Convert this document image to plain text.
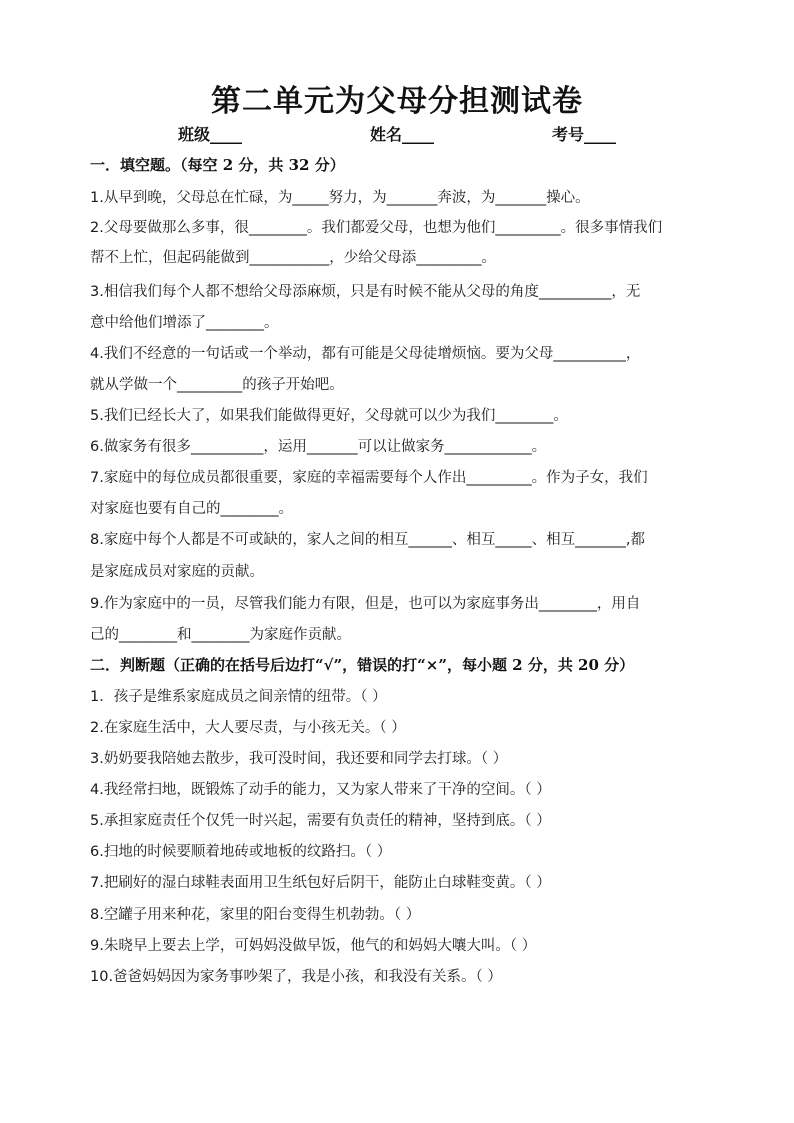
第二单元为父母分担测试卷
班级____	姓名____	考号____
一．填空题。（每空 2 分，共 32 分）
1.从早到晚，父母总在忙碌，为_____努力，为_______奔波，为_______操心。
2.父母要做那么多事，很________。我们都爱父母，也想为他们_________。很多事情我们
帮不上忙，但起码能做到___________，少给父母添_________。
3.相信我们每个人都不想给父母添麻烦，只是有时候不能从父母的角度__________，无
意中给他们增添了________。
4.我们不经意的一句话或一个举动，都有可能是父母徒增烦恼。要为父母__________，
就从学做一个_________的孩子开始吧。
5.我们已经长大了，如果我们能做得更好，父母就可以少为我们________。
6.做家务有很多__________，运用_______可以让做家务____________。
7.家庭中的每位成员都很重要，家庭的幸福需要每个人作出_________。作为子女，我们
对家庭也要有自己的________。
8.家庭中每个人都是不可或缺的，家人之间的相互______、相互_____、相互_______,都
是家庭成员对家庭的贡献。
9.作为家庭中的一员，尽管我们能力有限，但是，也可以为家庭事务出________，用自
己的________和________为家庭作贡献。
二．判断题（正确的在括号后边打“√”，错误的打“×”，每小题 2 分，共 20 分）
1．孩子是维系家庭成员之间亲情的纽带。（ ）
2.在家庭生活中，大人要尽责，与小孩无关。（ ）
3.奶奶要我陪她去散步，我可没时间，我还要和同学去打球。（ ）
4.我经常扫地，既锻炼了动手的能力，又为家人带来了干净的空间。（ ）
5.承担家庭责任个仅凭一时兴起，需要有负责任的精神，坚持到底。（ ）
6.扫地的时候要顺着地砖或地板的纹路扫。（ ）
7.把刷好的湿白球鞋表面用卫生纸包好后阴干，能防止白球鞋变黄。（ ）
8.空罐子用来种花，家里的阳台变得生机勃勃。（ ）
9.朱晓早上要去上学，可妈妈没做早饭，他气的和妈妈大嚷大叫。（ ）
10.爸爸妈妈因为家务事吵架了，我是小孩，和我没有关系。（ ）
